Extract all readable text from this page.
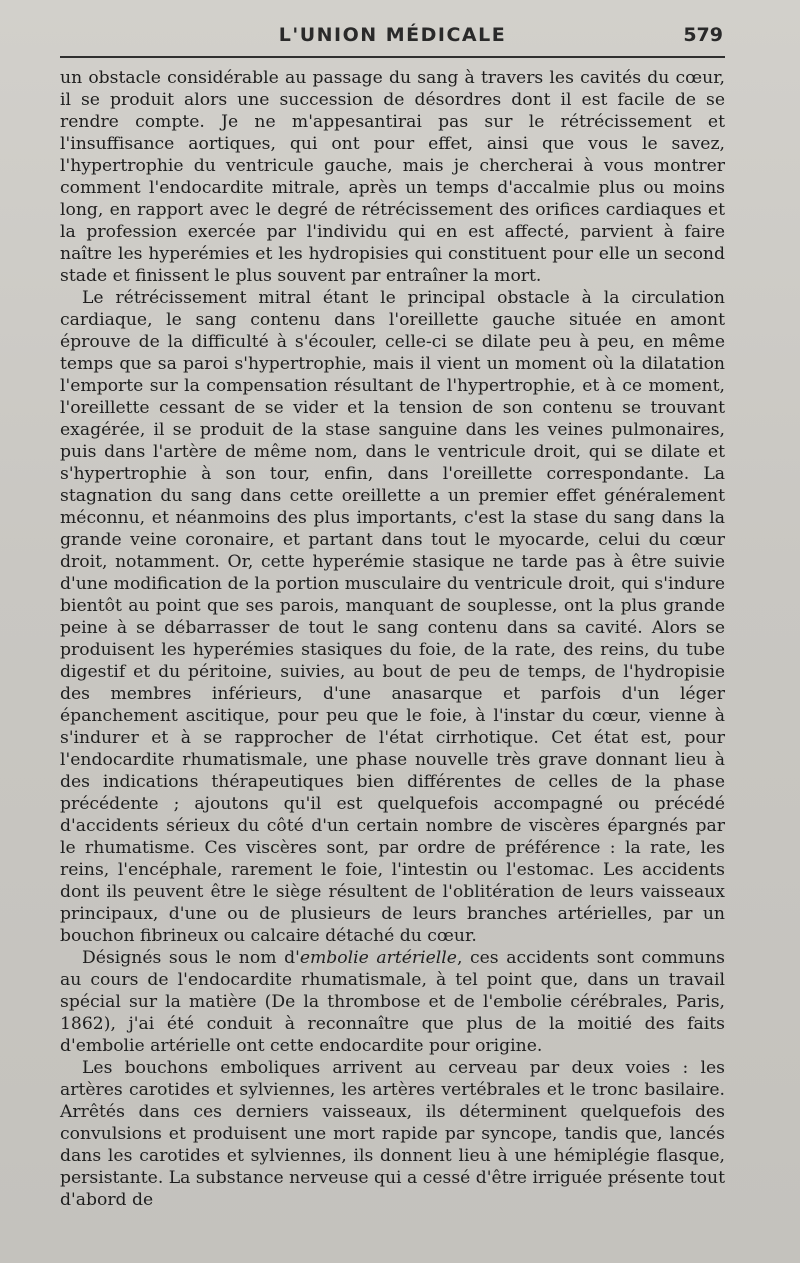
L'UNION MÉDICALE	579

un obstacle considérable au passage du sang à travers les cavités du cœur, il se produit alors une succession de désordres dont il est facile de se rendre compte. Je ne m'appesantirai pas sur le rétrécissement et l'insuffisance aortiques, qui ont pour effet, ainsi que vous le savez, l'hypertrophie du ventricule gauche, mais je chercherai à vous montrer comment l'endocardite mitrale, après un temps d'accalmie plus ou moins long, en rapport avec le degré de rétrécissement des orifices cardiaques et la profession exercée par l'individu qui en est affecté, parvient à faire naître les hyperémies et les hydropisies qui constituent pour elle un second stade et finissent le plus souvent par entraîner la mort.

Le rétrécissement mitral étant le principal obstacle à la circulation cardiaque, le sang contenu dans l'oreillette gauche située en amont éprouve de la difficulté à s'écouler, celle-ci se dilate peu à peu, en même temps que sa paroi s'hypertrophie, mais il vient un moment où la dilatation l'emporte sur la compensation résultant de l'hypertrophie, et à ce moment, l'oreillette cessant de se vider et la tension de son contenu se trouvant exagérée, il se produit de la stase sanguine dans les veines pulmonaires, puis dans l'artère de même nom, dans le ventricule droit, qui se dilate et s'hypertrophie à son tour, enfin, dans l'oreillette correspondante. La stagnation du sang dans cette oreillette a un premier effet généralement méconnu, et néanmoins des plus importants, c'est la stase du sang dans la grande veine coronaire, et partant dans tout le myocarde, celui du cœur droit, notamment. Or, cette hyperémie stasique ne tarde pas à être suivie d'une modification de la portion musculaire du ventricule droit, qui s'indure bientôt au point que ses parois, manquant de souplesse, ont la plus grande peine à se débarrasser de tout le sang contenu dans sa cavité. Alors se produisent les hyperémies stasiques du foie, de la rate, des reins, du tube digestif et du péritoine, suivies, au bout de peu de temps, de l'hydropisie des membres inférieurs, d'une anasarque et parfois d'un léger épanchement ascitique, pour peu que le foie, à l'instar du cœur, vienne à s'indurer et à se rapprocher de l'état cirrhotique. Cet état est, pour l'endocardite rhumatismale, une phase nouvelle très grave donnant lieu à des indications thérapeutiques bien différentes de celles de la phase précédente ; ajoutons qu'il est quelquefois accompagné ou précédé d'accidents sérieux du côté d'un certain nombre de viscères épargnés par le rhumatisme. Ces viscères sont, par ordre de préférence : la rate, les reins, l'encéphale, rarement le foie, l'intestin ou l'estomac. Les accidents dont ils peuvent être le siège résultent de l'oblitération de leurs vaisseaux principaux, d'une ou de plusieurs de leurs branches artérielles, par un bouchon fibrineux ou calcaire détaché du cœur.

Désignés sous le nom d'embolie artérielle, ces accidents sont communs au cours de l'endocardite rhumatismale, à tel point que, dans un travail spécial sur la matière (De la thrombose et de l'embolie cérébrales, Paris, 1862), j'ai été conduit à reconnaître que plus de la moitié des faits d'embolie artérielle ont cette endocardite pour origine.

Les bouchons emboliques arrivent au cerveau par deux voies : les artères carotides et sylviennes, les artères vertébrales et le tronc basilaire. Arrêtés dans ces derniers vaisseaux, ils déterminent quelquefois des convulsions et produisent une mort rapide par syncope, tandis que, lancés dans les carotides et sylviennes, ils donnent lieu à une hémiplégie flasque, persistante. La substance nerveuse qui a cessé d'être irriguée présente tout d'abord de
